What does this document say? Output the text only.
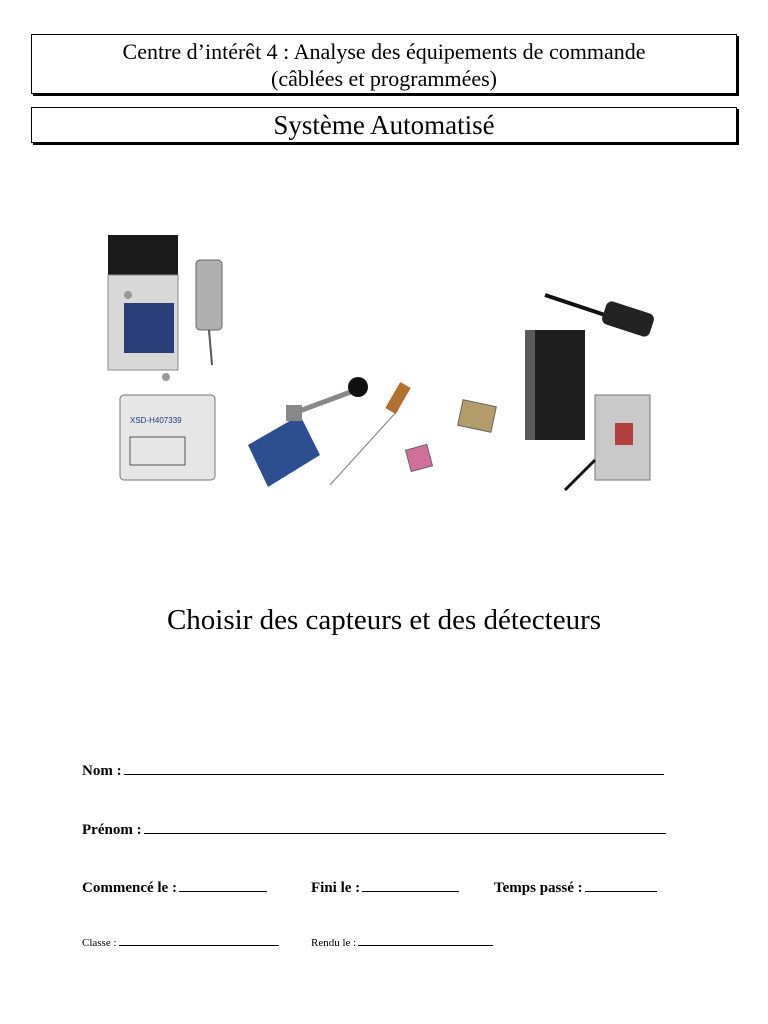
Centre d’intérêt 4 : Analyse des équipements de commande
(câblées et programmées)
Système Automatisé
XSD-H407339
Choisir des capteurs et des détecteurs
Nom :
Prénom :
Commencé le :	Fini le :	Temps passé :
Classe :	Rendu le :
